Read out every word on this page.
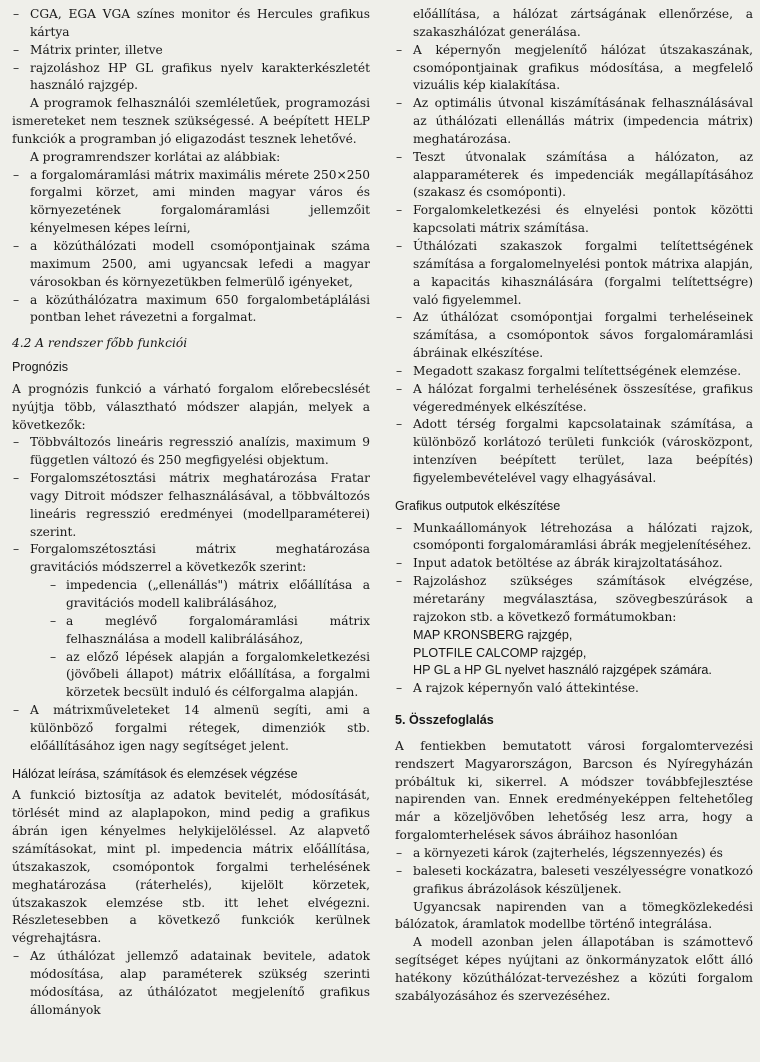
– CGA, EGA VGA színes monitor és Hercules grafikus kártya
– Mátrix printer, illetve
– rajzoláshoz HP GL grafikus nyelv karakterkészletét használó rajzgép.

A programok felhasználói szemléletűek, programozási ismereteket nem tesznek szükségessé. A beépített HELP funkciók a programban jó eligazodást tesznek lehetővé.

A programrendszer korlátai az alábbiak:

– a forgalomáramlási mátrix maximális mérete 250×250 forgalmi körzet, ami minden magyar város és környezetének forgalomáramlási jellemzőit kényelmesen képes leírni,
– a közúthálózati modell csomópontjainak száma maximum 2500, ami ugyancsak lefedi a magyar városokban és környezetükben felmerülő igényeket,
– a közúthálózatra maximum 650 forgalombetáplálási pontban lehet rávezetni a forgalmat.

4.2 A rendszer főbb funkciói

Prognózis

A prognózis funkció a várható forgalom előrebecslését nyújtja több, választható módszer alapján, melyek a következők:

– Többváltozós lineáris regresszió analízis, maximum 9 független változó és 250 megfigyelési objektum.
– Forgalomszétosztási mátrix meghatározása Fratar vagy Ditroit módszer felhasználásával, a többváltozós lineáris regresszió eredményei (modellparaméterei) szerint.
– Forgalomszétosztási mátrix meghatározása gravitációs módszerrel a következők szerint:
– impedencia („ellenállás") mátrix előállítása a gravitációs modell kalibrálásához,
– a meglévő forgalomáramlási mátrix felhasználása a modell kalibrálásához,
– az előző lépések alapján a forgalomkeletkezési (jövőbeli állapot) mátrix előállítása, a forgalmi körzetek becsült induló és célforgalma alapján.
– A mátrixműveleteket 14 almenü segíti, ami a különböző forgalmi rétegek, dimenziók stb. előállításához igen nagy segítséget jelent.

Hálózat leírása, számítások és elemzések végzése

A funkció biztosítja az adatok bevitelét, módosítását, törlését mind az alaplapokon, mind pedig a grafikus ábrán igen kényelmes helykijelöléssel. Az alapvető számításokat, mint pl. impedencia mátrix előállítása, útszakaszok, csomópontok forgalmi terhelésének meghatározása (ráterhelés), kijelölt körzetek, útszakaszok elemzése stb. itt lehet elvégezni. Részletesebben a következő funkciók kerülnek végrehajtásra.

– Az úthálózat jellemző adatainak bevitele, adatok módosítása, alap paraméterek szükség szerinti módosítása, az úthálózatot megjelenítő grafikus állományok

előállítása, a hálózat zártságának ellenőrzése, a szakaszhálózat generálása.

– A képernyőn megjelenítő hálózat útszakaszának, csomópontjainak grafikus módosítása, a megfelelő vizuális kép kialakítása.
– Az optimális útvonal kiszámításának felhasználásával az úthálózati ellenállás mátrix (impedencia mátrix) meghatározása.
– Teszt útvonalak számítása a hálózaton, az alapparaméterek és impedenciák megállapításához (szakasz és csomóponti).
– Forgalomkeletkezési és elnyelési pontok közötti kapcsolati mátrix számítása.
– Úthálózati szakaszok forgalmi telítettségének számítása a forgalomelnyelési pontok mátrixa alapján, a kapacitás kihasználására (forgalmi telítettségre) való figyelemmel.
– Az úthálózat csomópontjai forgalmi terheléseinek számítása, a csomópontok sávos forgalomáramlási ábráinak elkészítése.
– Megadott szakasz forgalmi telítettségének elemzése.
– A hálózat forgalmi terhelésének összesítése, grafikus végeredmények elkészítése.
– Adott térség forgalmi kapcsolatainak számítása, a különböző korlátozó területi funkciók (városközpont, intenzíven beépített terület, laza beépítés) figyelembevételével vagy elhagyásával.

Grafikus outputok elkészítése

– Munkaállományok létrehozása a hálózati rajzok, csomóponti forgalomáramlási ábrák megjelenítéséhez.
– Input adatok betöltése az ábrák kirajzoltatásához.
– Rajzoláshoz szükséges számítások elvégzése, méretarány megválasztása, szövegbeszúrások a rajzokon stb. a következő formátumokban:

MAP KRONSBERG rajzgép,

PLOTFILE CALCOMP rajzgép,

HP GL a HP GL nyelvet használó rajzgépek számára.

– A rajzok képernyőn való áttekintése.

5. Összefoglalás

A fentiekben bemutatott városi forgalomtervezési rendszert Magyarországon, Barcson és Nyíregyházán próbáltuk ki, sikerrel. A módszer továbbfejlesztése napirenden van. Ennek eredményeképpen feltehetőleg már a közeljövőben lehetőség lesz arra, hogy a forgalomterhelések sávos ábráihoz hasonlóan

– a környezeti károk (zajterhelés, légszennyezés) és
– baleseti kockázatra, baleseti veszélyességre vonatkozó grafikus ábrázolások készüljenek.

Ugyancsak napirenden van a tömegközlekedési bálózatok, áramlatok modellbe történő integrálása.

A modell azonban jelen állapotában is számottevő segítséget képes nyújtani az önkormányzatok előtt álló hatékony közúthálózat-tervezéshez a közúti forgalom szabályozásához és szervezéséhez.
